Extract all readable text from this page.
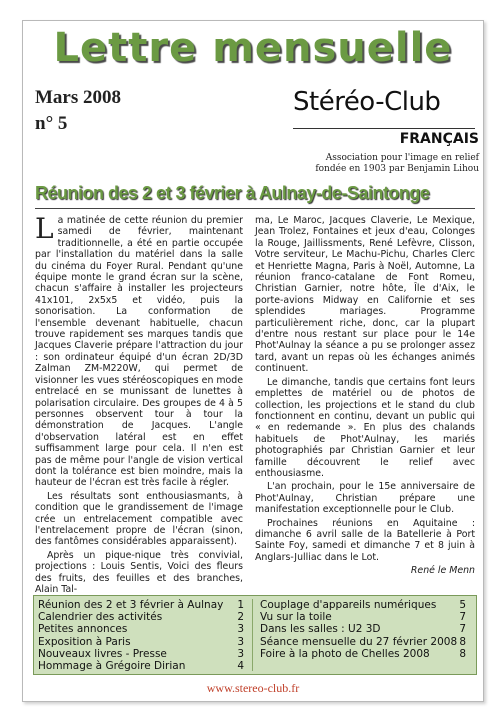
Lettre mensuelle
Mars 2008
n° 5
Stéréo-Club
FRANÇAIS
Association pour l'image en relief
fondée en 1903 par Benjamin Lihou
Réunion des 2 et 3 février à Aulnay-de-Saintonge

La matinée de cette réunion du premier samedi de février, maintenant traditionnelle, a été en partie occupée par l'installation du matériel dans la salle du cinéma du Foyer Rural. Pendant qu'une équipe monte le grand écran sur la scène, chacun s'affaire à installer les projecteurs 41x101, 2x5x5 et vidéo, puis la sonorisation. La conformation de l'ensemble devenant habituelle, chacun trouve rapidement ses marques tandis que Jacques Claverie prépare l'attraction du jour : son ordinateur équipé d'un écran 2D/3D Zalman ZM-M220W, qui permet de visionner les vues stéréoscopiques en mode entrelacé en se munissant de lunettes à polarisation circulaire. Des groupes de 4 à 5 personnes observent tour à tour la démonstration de Jacques. L'angle d'observation latéral est en effet suffisamment large pour cela. Il n'en est pas de même pour l'angle de vision vertical dont la tolérance est bien moindre, mais la hauteur de l'écran est très facile à régler.

Les résultats sont enthousiasmants, à condition que le grandissement de l'image crée un entrelacement compatible avec l'entrelacement propre de l'écran (sinon, des fantômes considérables apparaissent).

Après un pique-nique très convivial, projections : Louis Sentis, Voici des fleurs des fruits, des feuilles et des branches, Alain Tal-

ma, Le Maroc, Jacques Claverie, Le Mexique, Jean Trolez, Fontaines et jeux d'eau, Colonges la Rouge, Jaillissments, René Lefèvre, Clisson, Votre serviteur, Le Machu-Pichu, Charles Clerc et Henriette Magna, Paris à Noël, Automne, La réunion franco-catalane de Font Romeu, Christian Garnier, notre hôte, Île d'Aix, le porte-avions Midway en Californie et ses splendides mariages. Programme particulièrement riche, donc, car la plupart d'entre nous restant sur place pour le 14e Phot'Aulnay la séance a pu se prolonger assez tard, avant un repas où les échanges animés continuent.

Le dimanche, tandis que certains font leurs emplettes de matériel ou de photos de collection, les projections et le stand du club fonctionnent en continu, devant un public qui « en redemande ». En plus des chalands habituels de Phot'Aulnay, les mariés photographiés par Christian Garnier et leur famille découvrent le relief avec enthousiasme.

L'an prochain, pour le 15e anniversaire de Phot'Aulnay, Christian prépare une manifestation exceptionnelle pour le Club.

Prochaines réunions en Aquitaine : dimanche 6 avril salle de la Batellerie à Port Sainte Foy, samedi et dimanche 7 et 8 juin à Anglars-Julliac dans le Lot.

René le Menn

Réunion des 2 et 3 février à Aulnay 1
Calendrier des activités	2
Petites annonces	3
Exposition à Paris	3
Nouveaux livres - Presse	3
Hommage à Grégoire Dirian	4
Couplage d'appareils numériques 5
Vu sur la toile	7
Dans les salles : U2 3D	7
Séance mensuelle du 27 février 2008 8
Foire à la photo de Chelles 2008	8
www.stereo-club.fr
